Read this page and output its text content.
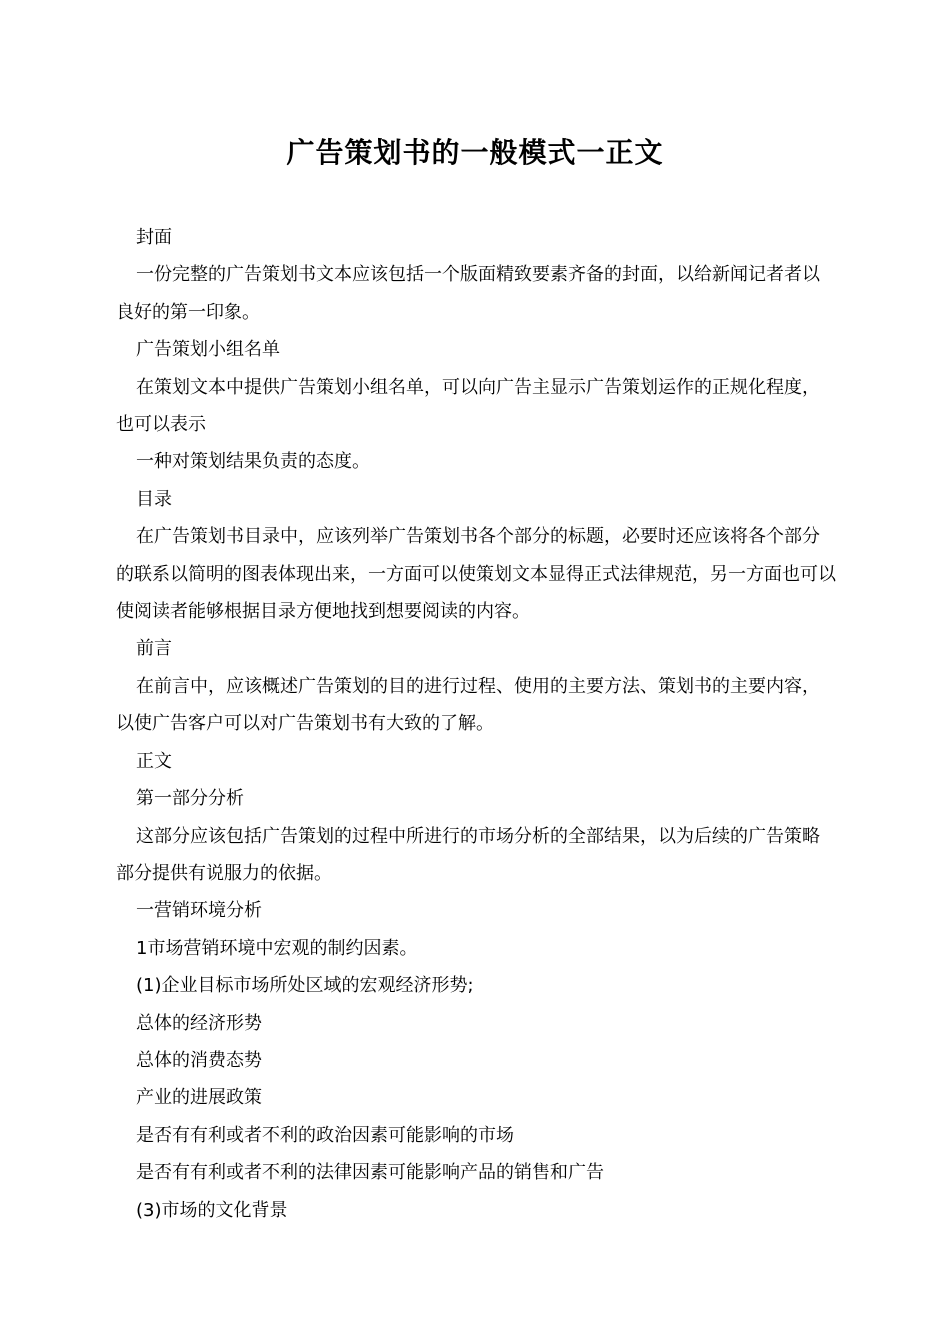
广告策划书的一般模式一正文

封面

一份完整的广告策划书文本应该包括一个版面精致要素齐备的封面，以给新闻记者者以良好的第一印象。

广告策划小组名单

在策划文本中提供广告策划小组名单，可以向广告主显示广告策划运作的正规化程度，也可以表示

一种对策划结果负责的态度。

目录

在广告策划书目录中，应该列举广告策划书各个部分的标题，必要时还应该将各个部分的联系以简明的图表体现出来，一方面可以使策划文本显得正式法律规范，另一方面也可以使阅读者能够根据目录方便地找到想要阅读的内容。

前言

在前言中，应该概述广告策划的目的进行过程、使用的主要方法、策划书的主要内容，以使广告客户可以对广告策划书有大致的了解。

正文

第一部分分析

这部分应该包括广告策划的过程中所进行的市场分析的全部结果，以为后续的广告策略部分提供有说服力的依据。

一营销环境分析

1市场营销环境中宏观的制约因素。

(1)企业目标市场所处区域的宏观经济形势;

总体的经济形势

总体的消费态势

产业的进展政策

是否有有利或者不利的政治因素可能影响的市场

是否有有利或者不利的法律因素可能影响产品的销售和广告

(3)市场的文化背景
